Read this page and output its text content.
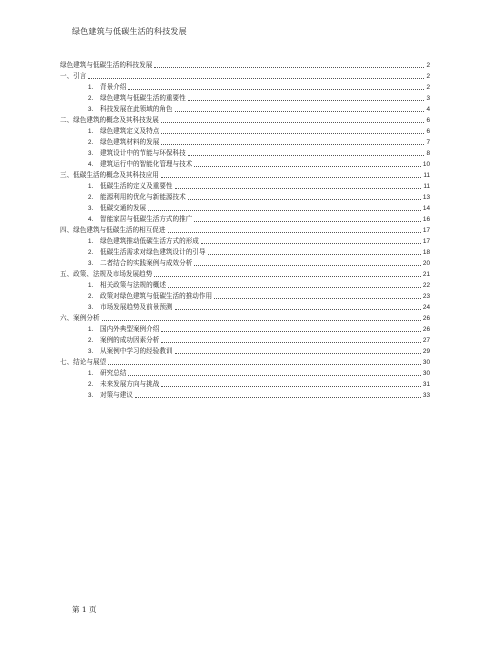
绿色建筑与低碳生活的科技发展
绿色建筑与低碳生活的科技发展	2
一、引言	2
1.	背景介绍	2
2.	绿色建筑与低碳生活的重要性	3
3.	科技发展在此领域的角色	4
二、绿色建筑的概念及其科技发展	6
1.	绿色建筑定义及特点	6
2.	绿色建筑材料的发展	7
3.	建筑设计中的节能与环保科技	8
4.	建筑运行中的智能化管理与技术	10
三、低碳生活的概念及其科技应用	11
1.	低碳生活的定义及重要性	11
2.	能源利用的优化与新能源技术	13
3.	低碳交通的发展	14
4.	智能家居与低碳生活方式的推广	16
四、绿色建筑与低碳生活的相互促进	17
1.	绿色建筑推动低碳生活方式的形成	17
2.	低碳生活需求对绿色建筑设计的引导	18
3.	二者结合的实践案例与成效分析	20
五、政策、法规及市场发展趋势	21
1.	相关政策与法规的概述	22
2.	政策对绿色建筑与低碳生活的推动作用	23
3.	市场发展趋势及前景预测	24
六、案例分析	26
1.	国内外典型案例介绍	26
2.	案例的成功因素分析	27
3.	从案例中学习的经验教训	29
七、结论与展望	30
1.	研究总结	30
2.	未来发展方向与挑战	31
3.	对策与建议	33
第 1 页
